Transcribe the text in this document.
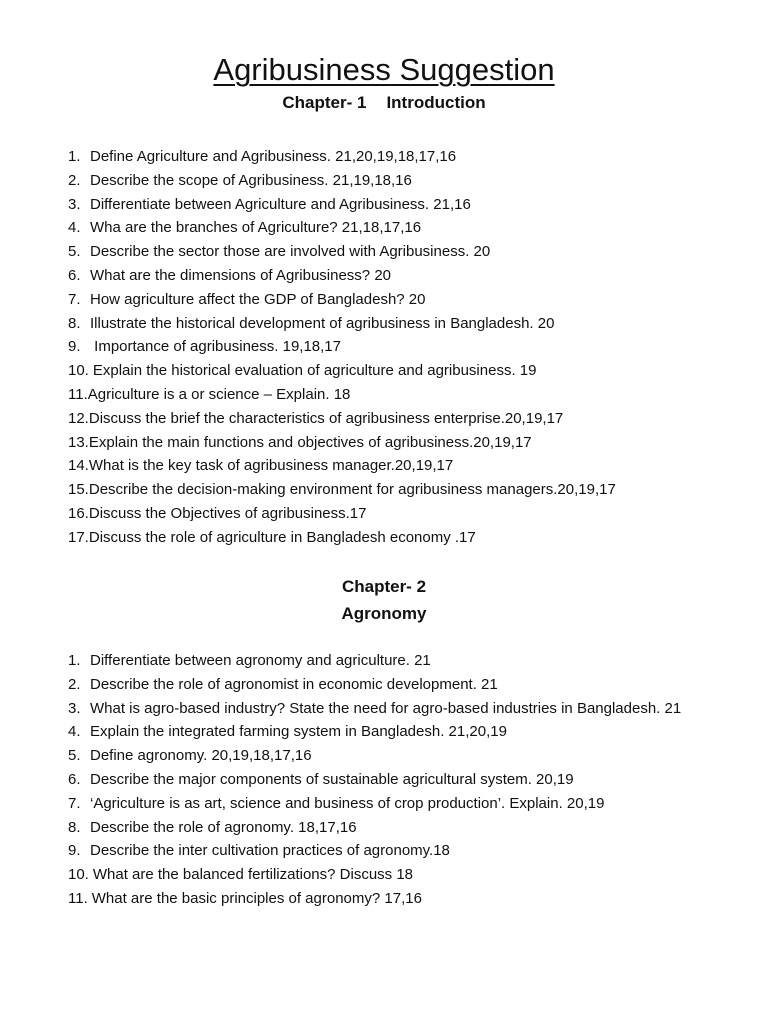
Agribusiness Suggestion
Chapter- 1 Introduction
1. Define Agriculture and Agribusiness. 21,20,19,18,17,16
2. Describe the scope of Agribusiness. 21,19,18,16
3. Differentiate between Agriculture and Agribusiness. 21,16
4. Wha are the branches of Agriculture? 21,18,17,16
5. Describe the sector those are involved with Agribusiness. 20
6. What are the dimensions of Agribusiness? 20
7. How agriculture affect the GDP of Bangladesh? 20
8. Illustrate the historical development of agribusiness in Bangladesh. 20
9. Importance of agribusiness. 19,18,17
10. Explain the historical evaluation of agriculture and agribusiness. 19
11. Agriculture is a or science – Explain. 18
12. Discuss the brief the characteristics of agribusiness enterprise.20,19,17
13. Explain the main functions and objectives of agribusiness.20,19,17
14. What is the key task of agribusiness manager.20,19,17
15. Describe the decision-making environment for agribusiness managers.20,19,17
16. Discuss the Objectives of agribusiness.17
17. Discuss the role of agriculture in Bangladesh economy .17
Chapter- 2
Agronomy
1. Differentiate between agronomy and agriculture. 21
2. Describe the role of agronomist in economic development. 21
3. What is agro-based industry? State the need for agro-based industries in Bangladesh. 21
4. Explain the integrated farming system in Bangladesh. 21,20,19
5. Define agronomy. 20,19,18,17,16
6. Describe the major components of sustainable agricultural system. 20,19
7. ‘Agriculture is as art, science and business of crop production’. Explain. 20,19
8. Describe the role of agronomy. 18,17,16
9. Describe the inter cultivation practices of agronomy.18
10. What are the balanced fertilizations? Discuss 18
11. What are the basic principles of agronomy? 17,16
